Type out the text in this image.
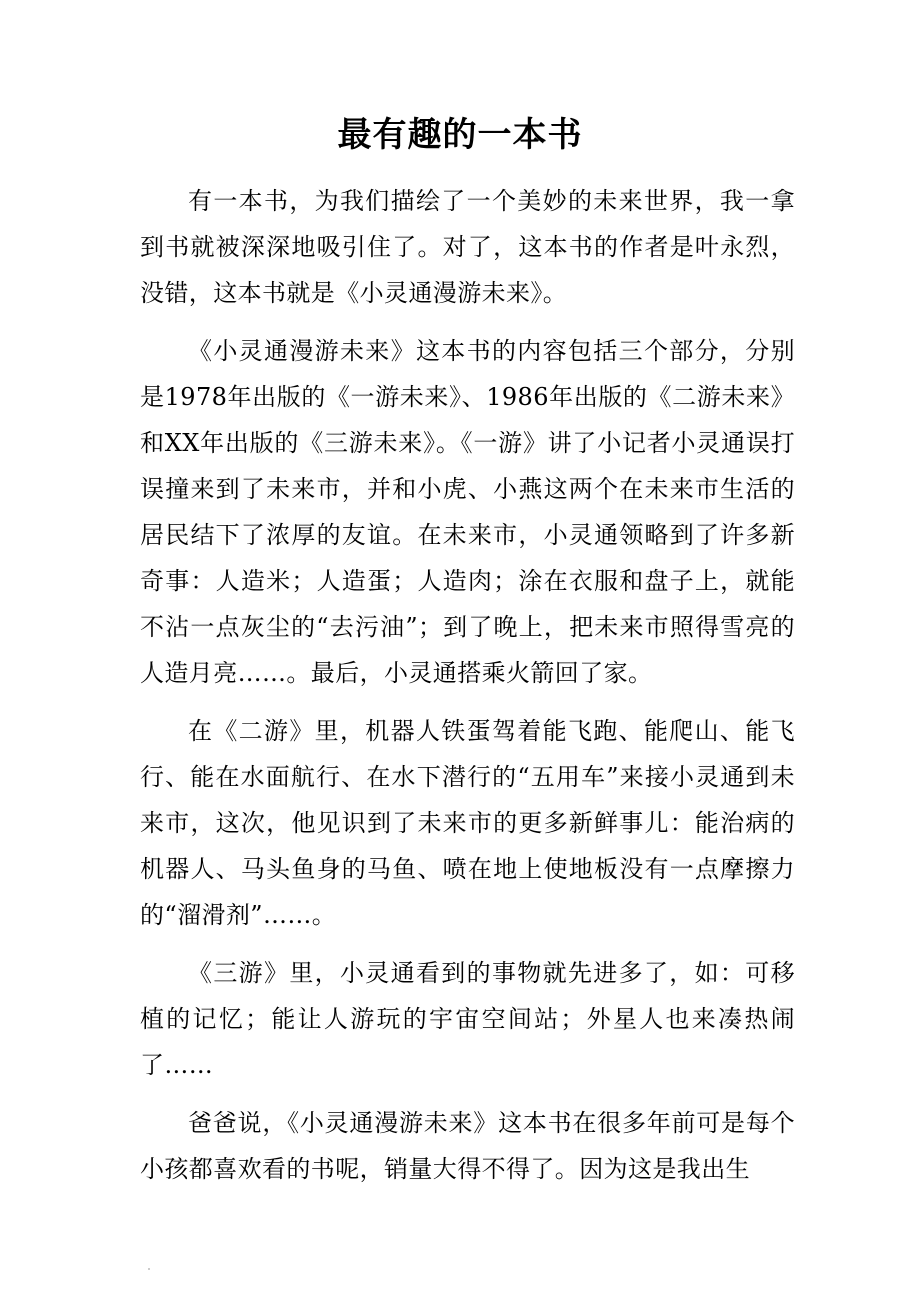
最有趣的一本书

有一本书，为我们描绘了一个美妙的未来世界，我一拿到书就被深深地吸引住了。对了，这本书的作者是叶永烈，没错，这本书就是《小灵通漫游未来》。

《小灵通漫游未来》这本书的内容包括三个部分，分别是1978年出版的《一游未来》、1986年出版的《二游未来》和XX年出版的《三游未来》。《一游》讲了小记者小灵通误打误撞来到了未来市，并和小虎、小燕这两个在未来市生活的居民结下了浓厚的友谊。在未来市，小灵通领略到了许多新奇事：人造米；人造蛋；人造肉；涂在衣服和盘子上，就能不沾一点灰尘的“去污油”；到了晚上，把未来市照得雪亮的人造月亮……。最后，小灵通搭乘火箭回了家。

在《二游》里，机器人铁蛋驾着能飞跑、能爬山、能飞行、能在水面航行、在水下潜行的“五用车”来接小灵通到未来市，这次，他见识到了未来市的更多新鲜事儿：能治病的机器人、马头鱼身的马鱼、喷在地上使地板没有一点摩擦力的“溜滑剂”……。

《三游》里，小灵通看到的事物就先进多了，如：可移植的记忆；能让人游玩的宇宙空间站；外星人也来凑热闹了……

爸爸说，《小灵通漫游未来》这本书在很多年前可是每个小孩都喜欢看的书呢，销量大得不得了。因为这是我出生
